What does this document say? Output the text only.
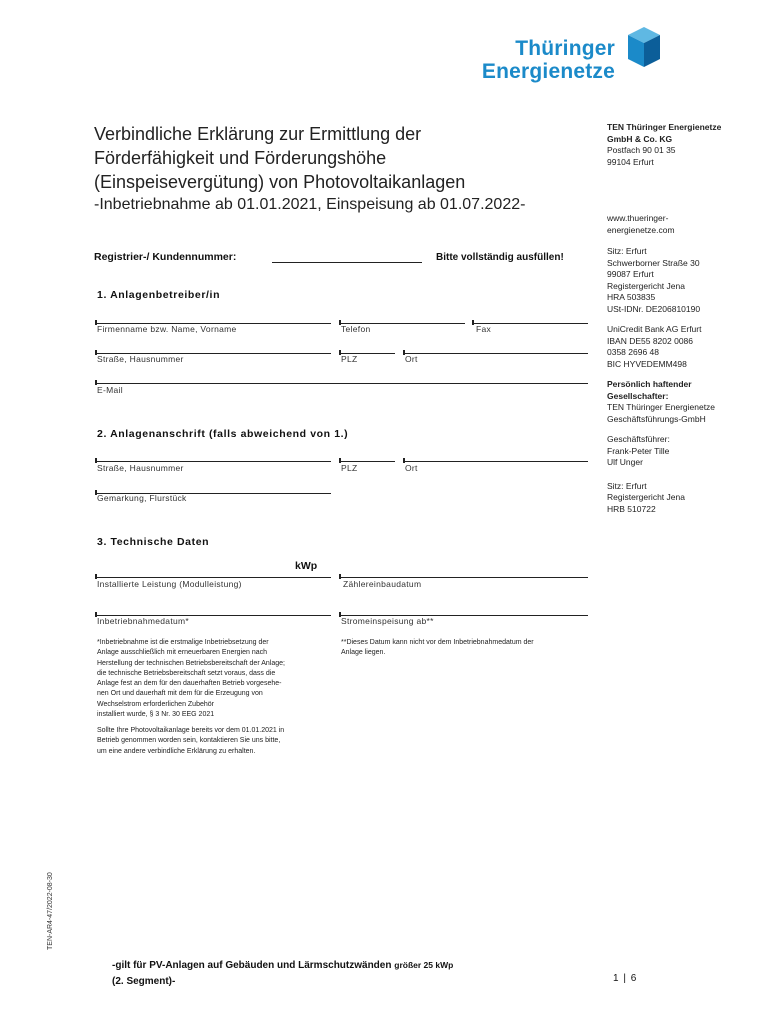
Thüringer
Energienetze
Verbindliche Erklärung zur Ermittlung der
Förderfähigkeit und Förderungshöhe
(Einspeisevergütung) von Photovoltaikanlagen
-Inbetriebnahme ab 01.01.2021, Einspeisung ab 01.07.2022-
Registrier-/ Kundennummer:	Bitte vollständig ausfüllen!
1. Anlagenbetreiber/in
Firmenname bzw. Name, Vorname	Telefon	Fax
Straße, Hausnummer	PLZ	Ort
E-Mail
2. Anlagenanschrift (falls abweichend von 1.)
Straße, Hausnummer	PLZ	Ort
Gemarkung, Flurstück
3. Technische Daten
kWp
Installierte Leistung (Modulleistung)	Zählereinbaudatum
Inbetriebnahmedatum*	Stromeinspeisung ab**
*Inbetriebnahme ist die erstmalige Inbetriebsetzung der
Anlage ausschließlich mit erneuerbaren Energien nach
Herstellung der technischen Betriebsbereitschaft der Anlage;
die technische Betriebsbereitschaft setzt voraus, dass die
Anlage fest an dem für den dauerhaften Betrieb vorgesehe-
nen Ort und dauerhaft mit dem für die Erzeugung von
Wechselstrom erforderlichen Zubehör
installiert wurde, § 3 Nr. 30 EEG 2021
Sollte Ihre Photovoltaikanlage bereits vor dem 01.01.2021 in
Betrieb genommen worden sein, kontaktieren Sie uns bitte,
um eine andere verbindliche Erklärung zu erhalten.
**Dieses Datum kann nicht vor dem Inbetriebnahmedatum der
Anlage liegen.
TEN Thüringer Energienetze
GmbH & Co. KG
Postfach 90 01 35
99104 Erfurt
www.thueringer-
energienetze.com
Sitz: Erfurt
Schwerborner Straße 30
99087 Erfurt
Registergericht Jena
HRA 503835
USt-IDNr. DE206810190
UniCredit Bank AG Erfurt
IBAN DE55 8202 0086
0358 2696 48
BIC HYVEDEMM498
Persönlich haftender
Gesellschafter:
TEN Thüringer Energienetze
Geschäftsführungs-GmbH
Geschäftsführer:
Frank-Peter Tille
Ulf Unger
Sitz: Erfurt
Registergericht Jena
HRB 510722
TEN-AR4-47/2022-08-30
-gilt für PV-Anlagen auf Gebäuden und Lärmschutzwänden größer 25 kWp
(2. Segment)-	1 | 6
